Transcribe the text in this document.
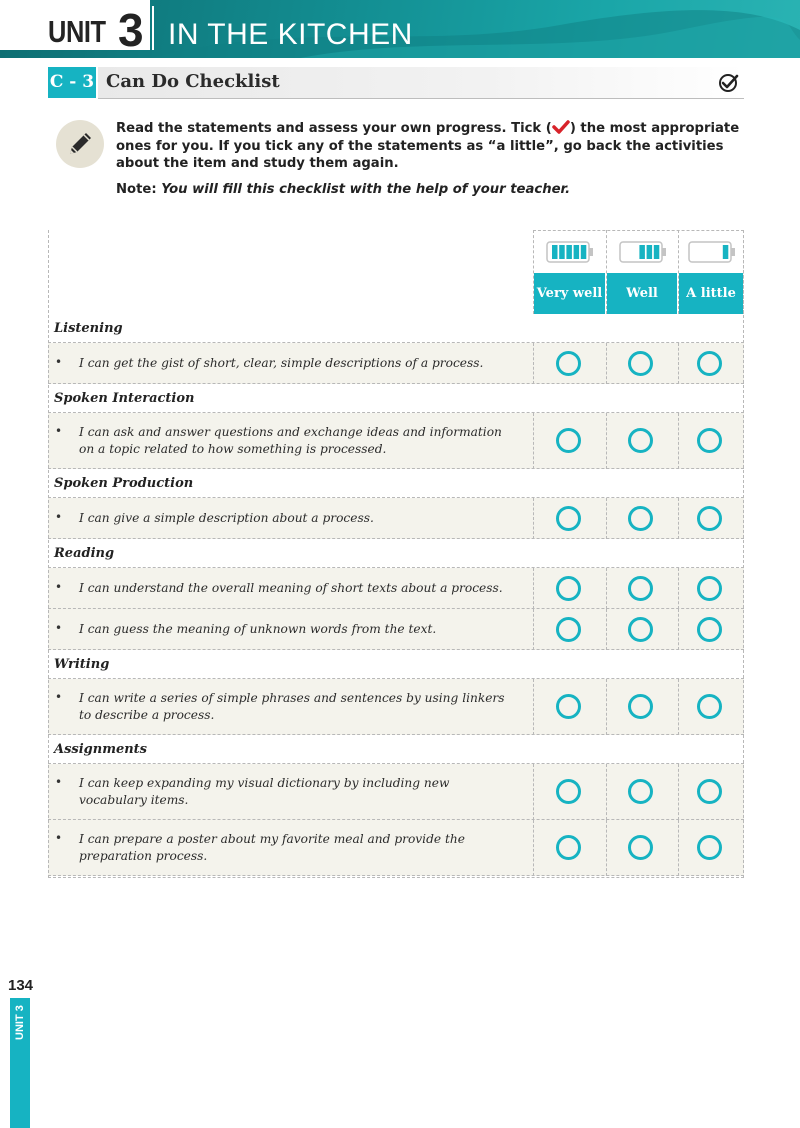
UNIT 3 IN THE KITCHEN
C - 3 Can Do Checklist
Read the statements and assess your own progress. Tick ( ) the most appropriate ones for you. If you tick any of the statements as “a little”, go back the activities about the item and study them again.
Note: You will fill this checklist with the help of your teacher.
Very well	Well	A little
Listening
• I can get the gist of short, clear, simple descriptions of a process.
Spoken Interaction
• I can ask and answer questions and exchange ideas and information on a topic related to how something is processed.
Spoken Production
• I can give a simple description about a process.
Reading
• I can understand the overall meaning of short texts about a process.
• I can guess the meaning of unknown words from the text.
Writing
• I can write a series of simple phrases and sentences by using linkers to describe a process.
Assignments
• I can keep expanding my visual dictionary by including new vocabulary items.
• I can prepare a poster about my favorite meal and provide the preparation process.
134
UNIT 3
